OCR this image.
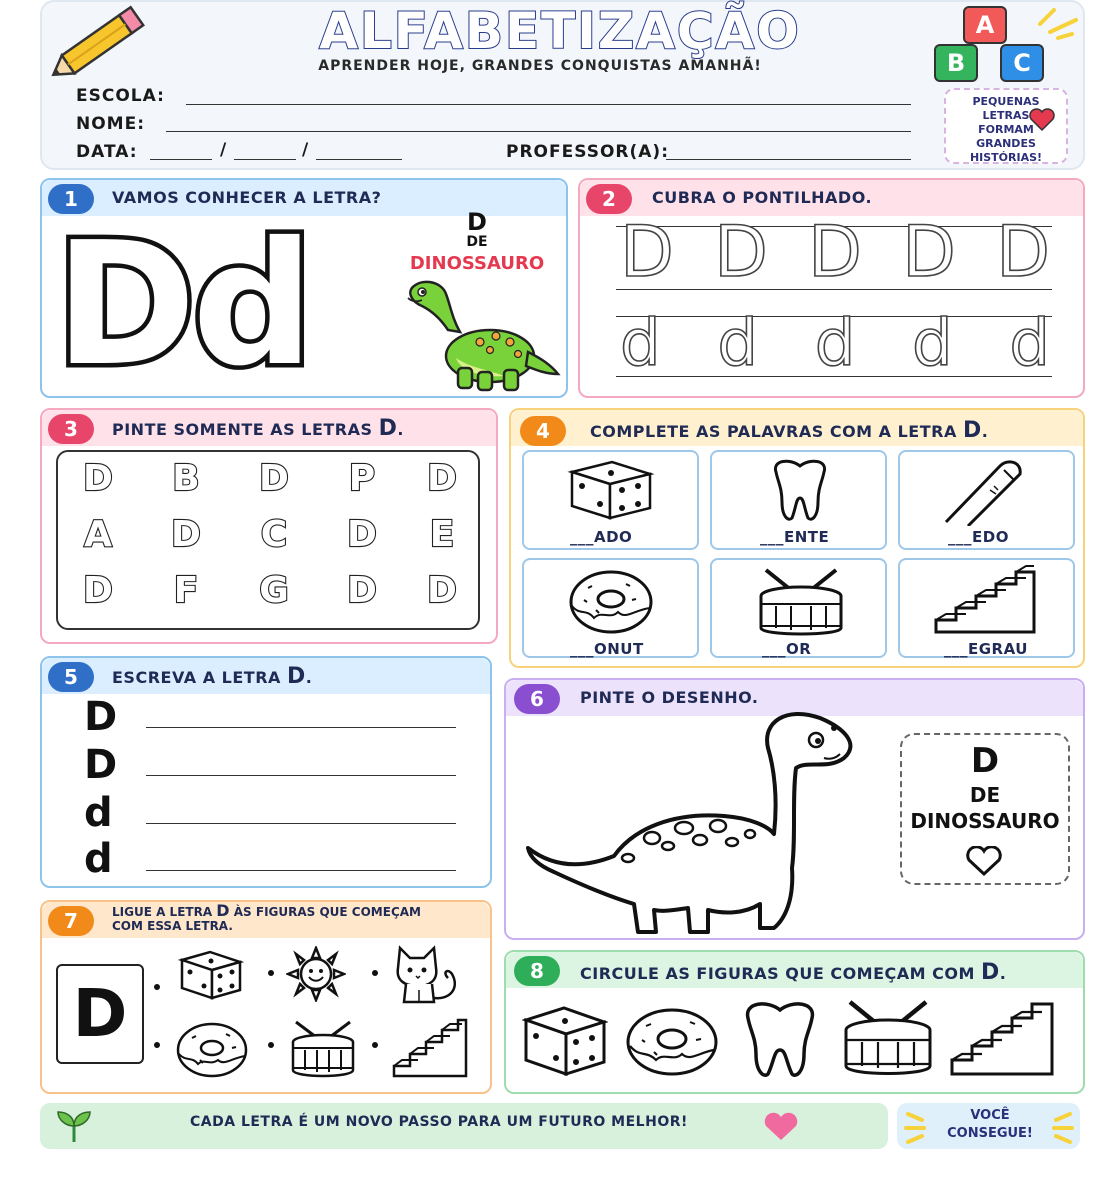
ALFABETIZAÇÃO
APRENDER HOJE, GRANDES CONQUISTAS AMANHÃ!
A
B	C
ESCOLA:
NOME:
DATA:	/	/	PROFESSOR(A):
PEQUENAS
LETRAS
FORMAM
GRANDES
HISTÓRIAS!
1	VAMOS CONHECER A LETRA?
Dd	D
DE
DINOSSAURO
2	CUBRA O PONTILHADO.
D D D D D
d d d d d
3	PINTE SOMENTE AS LETRAS D.
D B D P D
A D C D E
D F G D D
4	COMPLETE AS PALAVRAS COM A LETRA D.
___ADO	___ENTE	___EDO
___ONUT	___OR	___EGRAU
5	ESCREVA A LETRA D.
D
D
d
d
6	PINTE O DESENHO.
D
DE
DINOSSAURO
7	LIGUE A LETRA D ÀS FIGURAS QUE COMEÇAM
COM ESSA LETRA.
D
8	CIRCULE AS FIGURAS QUE COMEÇAM COM D.
CADA LETRA É UM NOVO PASSO PARA UM FUTURO MELHOR!	VOCÊ
CONSEGUE!
